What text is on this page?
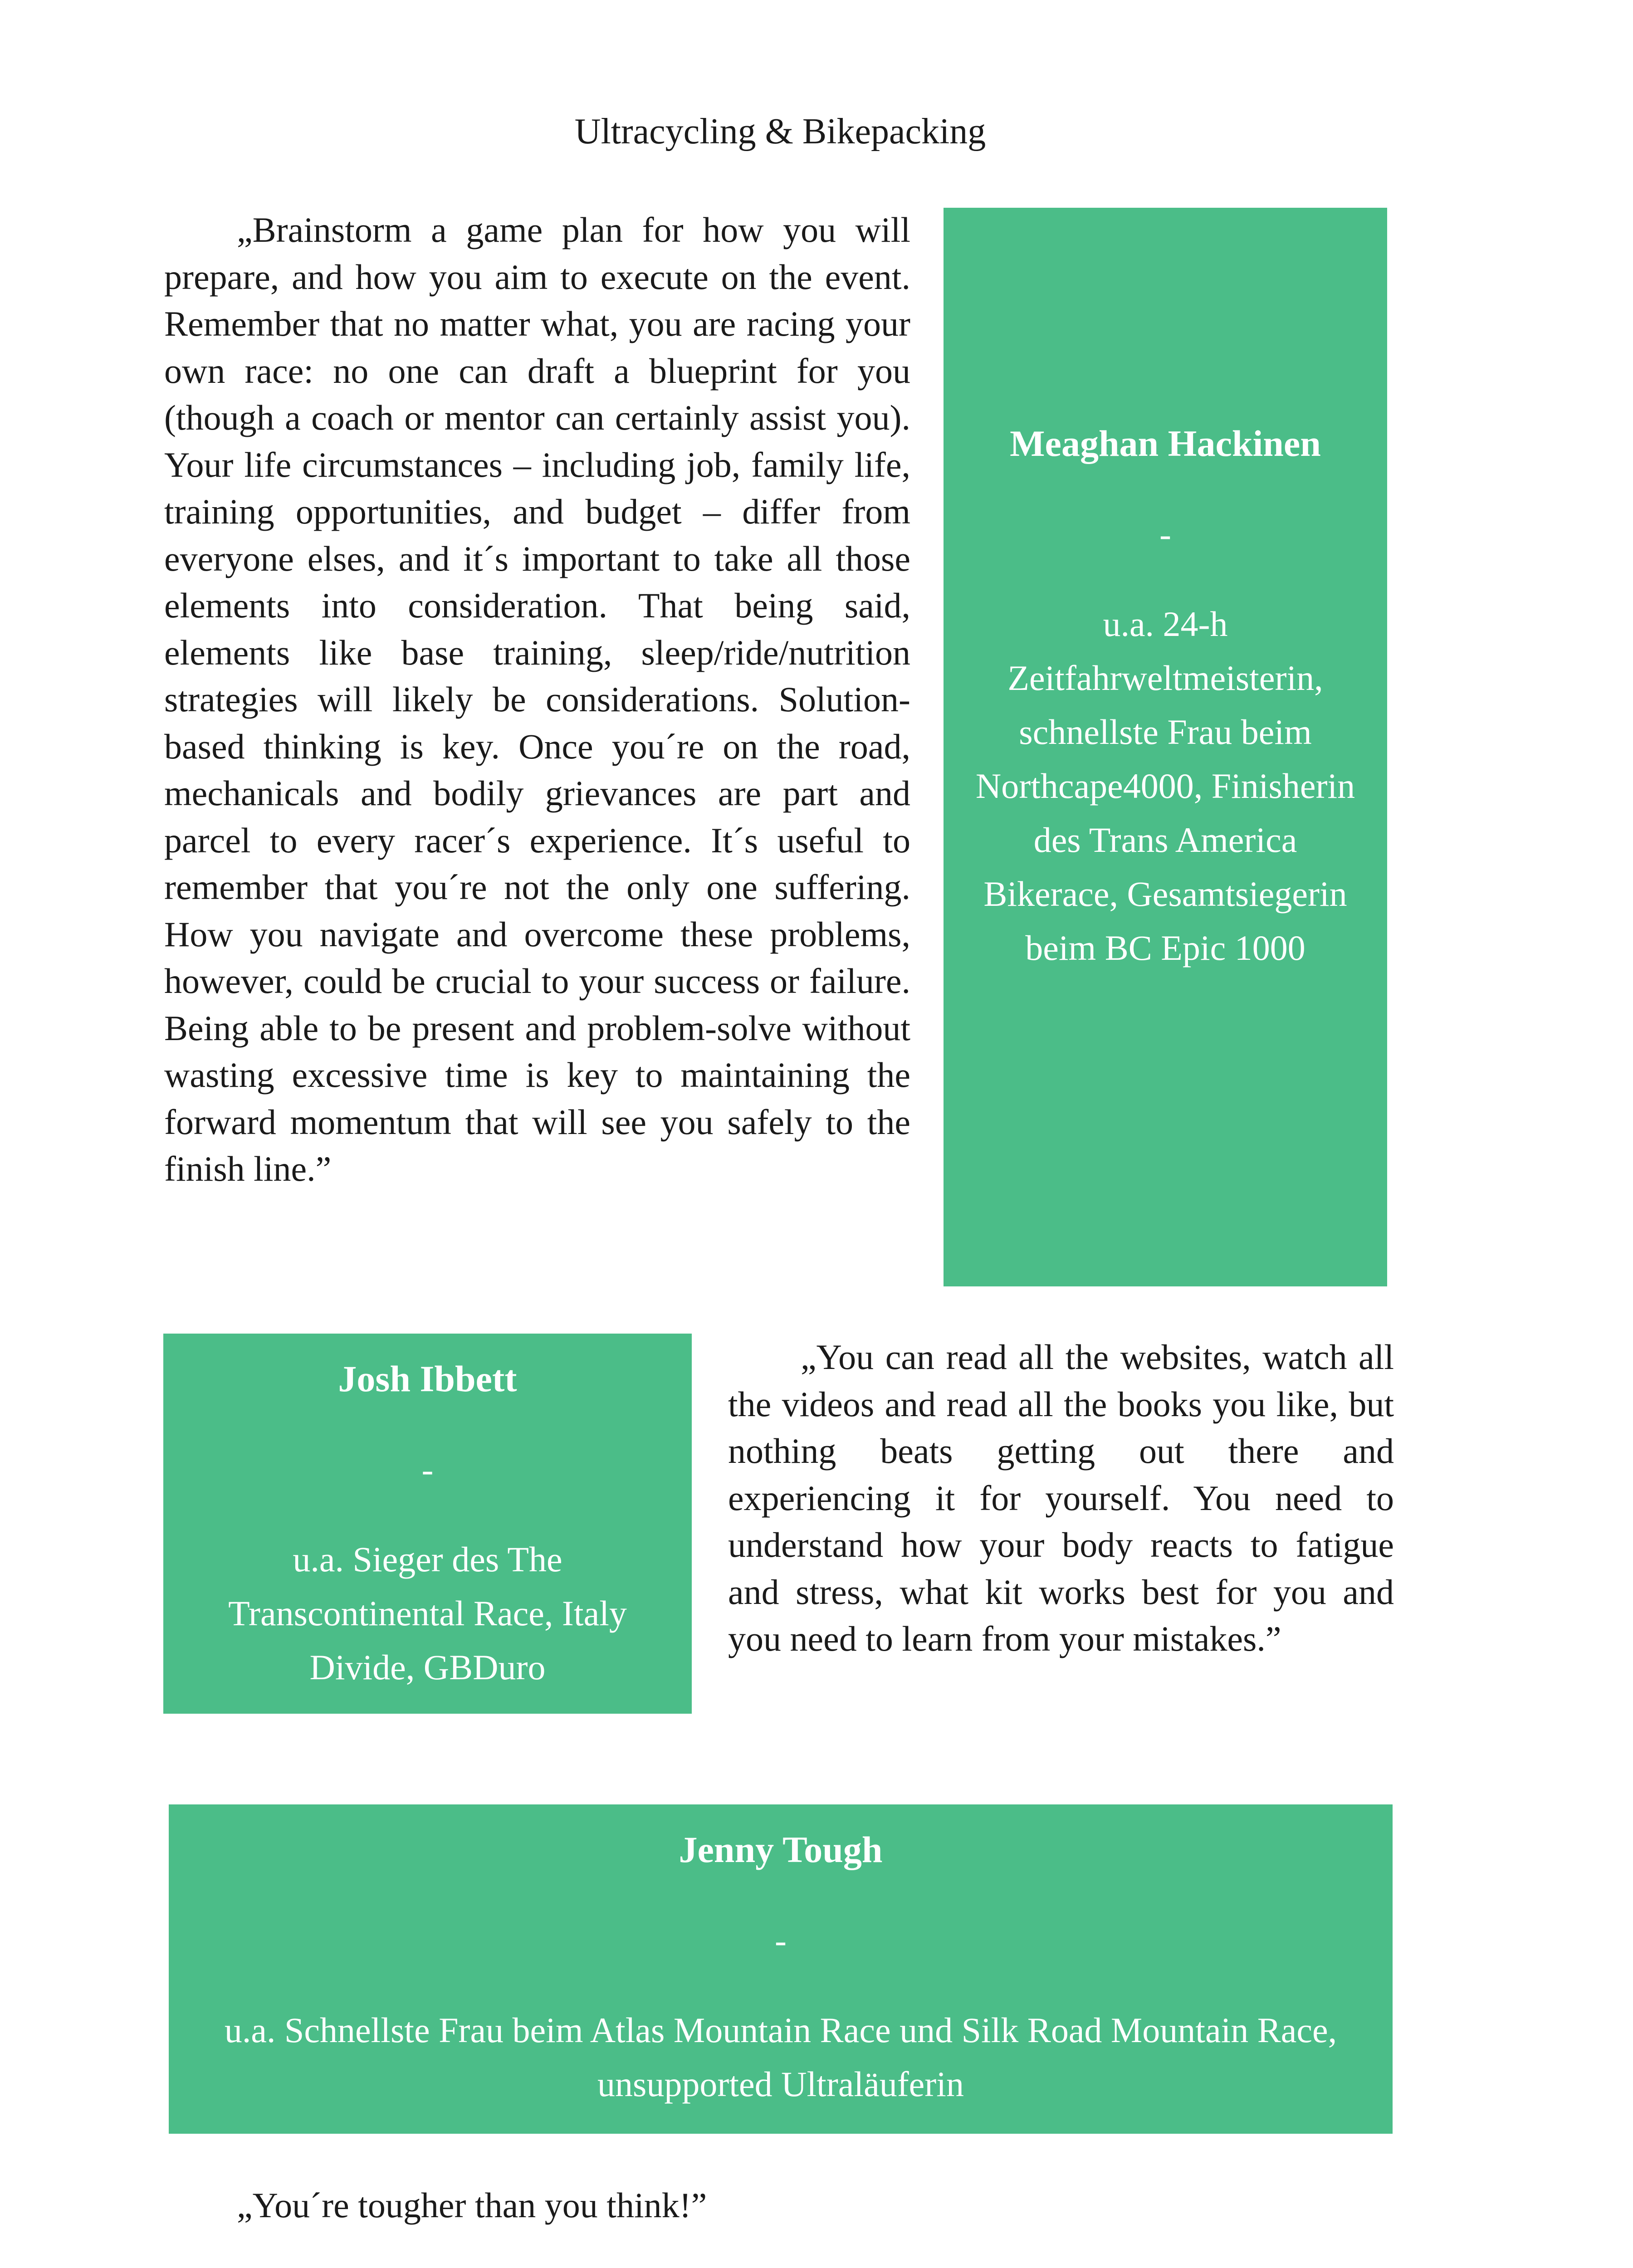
Ultracycling & Bikepacking

„Brainstorm a game plan for how you will prepare, and how you aim to execute on the event. Remember that no matter what, you are racing your own race: no one can draft a blueprint for you (though a coach or mentor can certainly assist you). Your life circumstances – including job, family life, training opportunities, and budget – differ from everyone elses, and it´s important to take all those elements into consideration. That being said, elements like base training, sleep/ride/nutrition strategies will likely be considerations. Solution-based thinking is key. Once you´re on the road, mechanicals and bodily grievances are part and parcel to every racer´s experience. It´s useful to remember that you´re not the only one suffering. How you navigate and overcome these problems, however, could be crucial to your success or failure. Being able to be present and problem-solve without wasting excessive time is key to maintaining the forward momentum that will see you safely to the finish line.”

Meaghan Hackinen
-
u.a. 24-h Zeitfahrweltmeisterin, schnellste Frau beim Northcape4000, Finisherin des Trans America Bikerace, Gesamtsiegerin beim BC Epic 1000
Josh Ibbett
-
u.a. Sieger des The Transcontinental Race, Italy Divide, GBDuro

„You can read all the websites, watch all the videos and read all the books you like, but nothing beats getting out there and experiencing it for yourself. You need to understand how your body reacts to fatigue and stress, what kit works best for you and you need to learn from your mistakes.”

Jenny Tough
-
u.a. Schnellste Frau beim Atlas Mountain Race und Silk Road Mountain Race, unsupported Ultraläuferin

„You´re tougher than you think!”
